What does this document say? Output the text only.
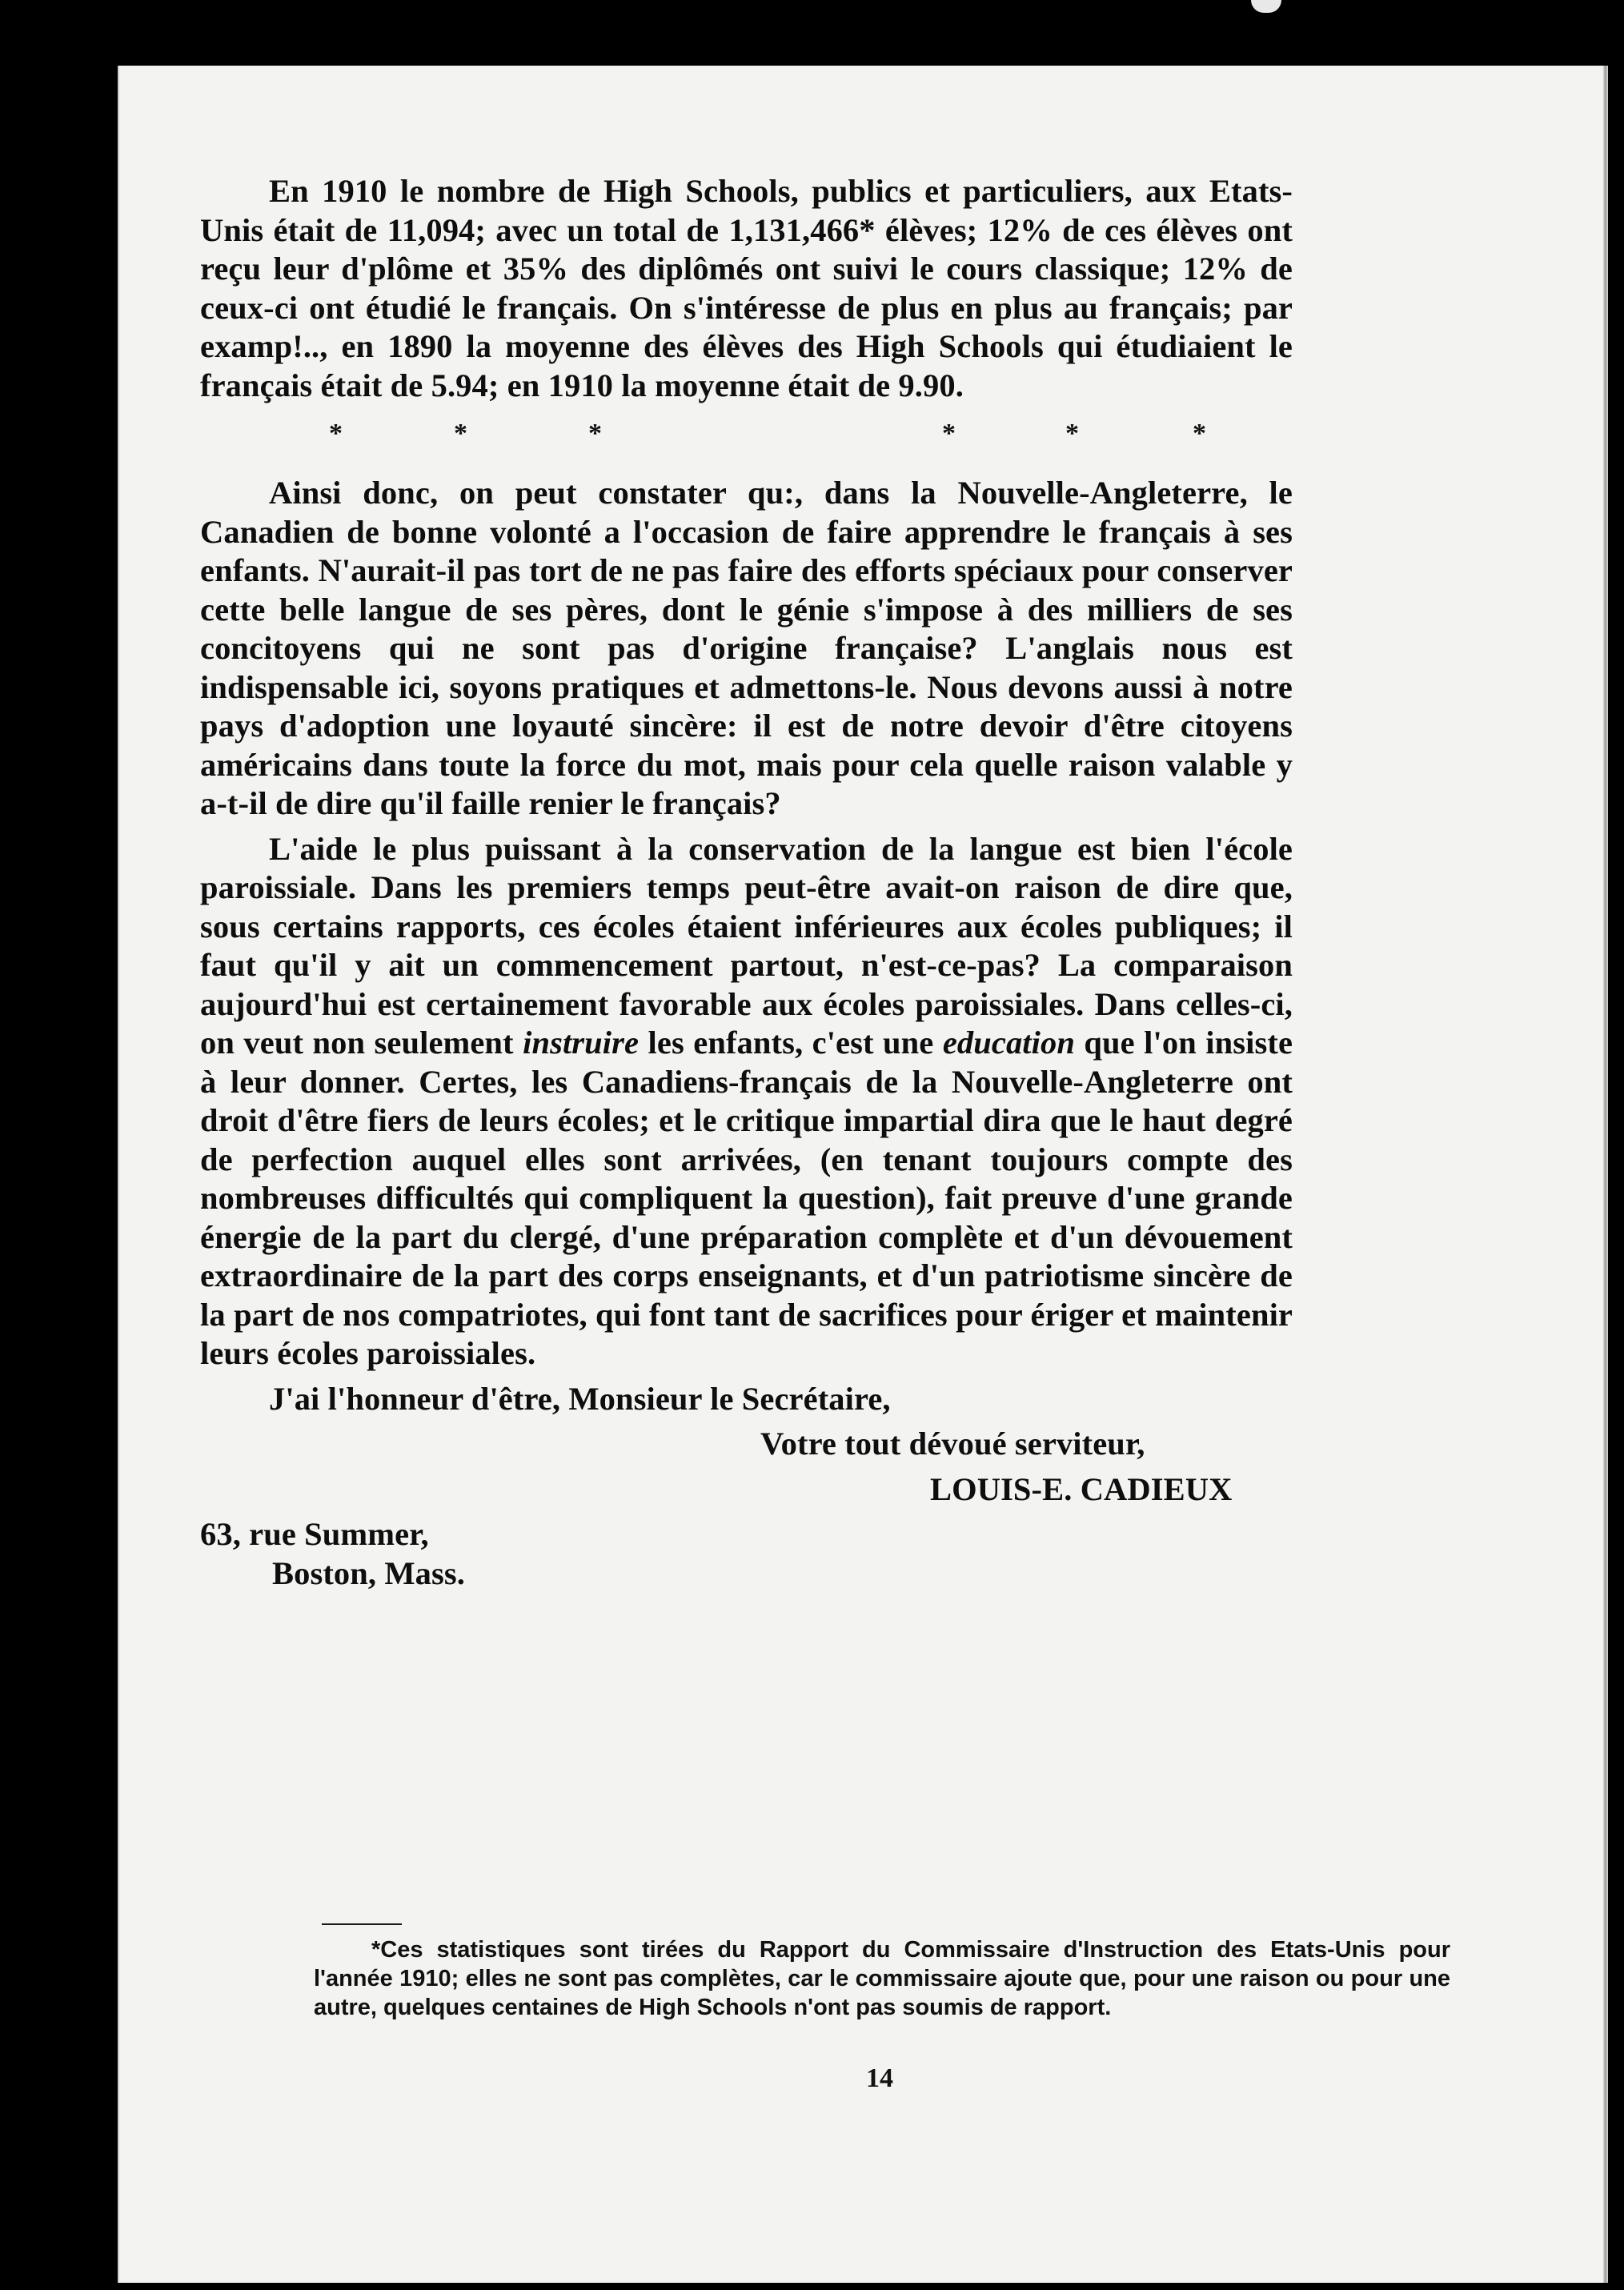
En 1910 le nombre de High Schools, publics et particuliers, aux Etats-Unis était de 11,094; avec un total de 1,131,466* élèves; 12% de ces élèves ont reçu leur d'plôme et 35% des diplômés ont suivi le cours classique; 12% de ceux-ci ont étudié le français. On s'intéresse de plus en plus au français; par examp!.., en 1890 la moyenne des élèves des High Schools qui étudiaient le français était de 5.94; en 1910 la moyenne était de 9.90.

*	*	*	*	*	*

Ainsi donc, on peut constater qu:, dans la Nouvelle-Angleterre, le Canadien de bonne volonté a l'occasion de faire apprendre le français à ses enfants. N'aurait-il pas tort de ne pas faire des efforts spéciaux pour conserver cette belle langue de ses pères, dont le génie s'impose à des milliers de ses concitoyens qui ne sont pas d'origine française? L'anglais nous est indispensable ici, soyons pratiques et admettons-le. Nous devons aussi à notre pays d'adoption une loyauté sincère: il est de notre devoir d'être citoyens américains dans toute la force du mot, mais pour cela quelle raison valable y a-t-il de dire qu'il faille renier le français?

L'aide le plus puissant à la conservation de la langue est bien l'école paroissiale. Dans les premiers temps peut-être avait-on raison de dire que, sous certains rapports, ces écoles étaient inférieures aux écoles publiques; il faut qu'il y ait un commencement partout, n'est-ce-pas? La comparaison aujourd'hui est certainement favorable aux écoles paroissiales. Dans celles-ci, on veut non seulement instruire les enfants, c'est une education que l'on insiste à leur donner. Certes, les Canadiens-français de la Nouvelle-Angleterre ont droit d'être fiers de leurs écoles; et le critique impartial dira que le haut degré de perfection auquel elles sont arrivées, (en tenant toujours compte des nombreuses difficultés qui compliquent la question), fait preuve d'une grande énergie de la part du clergé, d'une préparation complète et d'un dévouement extraordinaire de la part des corps enseignants, et d'un patriotisme sincère de la part de nos compatriotes, qui font tant de sacrifices pour ériger et maintenir leurs écoles paroissiales.

J'ai l'honneur d'être, Monsieur le Secrétaire,

Votre tout dévoué serviteur,

LOUIS-E. CADIEUX

63, rue Summer,
Boston, Mass.
*Ces statistiques sont tirées du Rapport du Commissaire d'Instruction des Etats-Unis pour l'année 1910; elles ne sont pas complètes, car le commissaire ajoute que, pour une raison ou pour une autre, quelques centaines de High Schools n'ont pas soumis de rapport.
14
